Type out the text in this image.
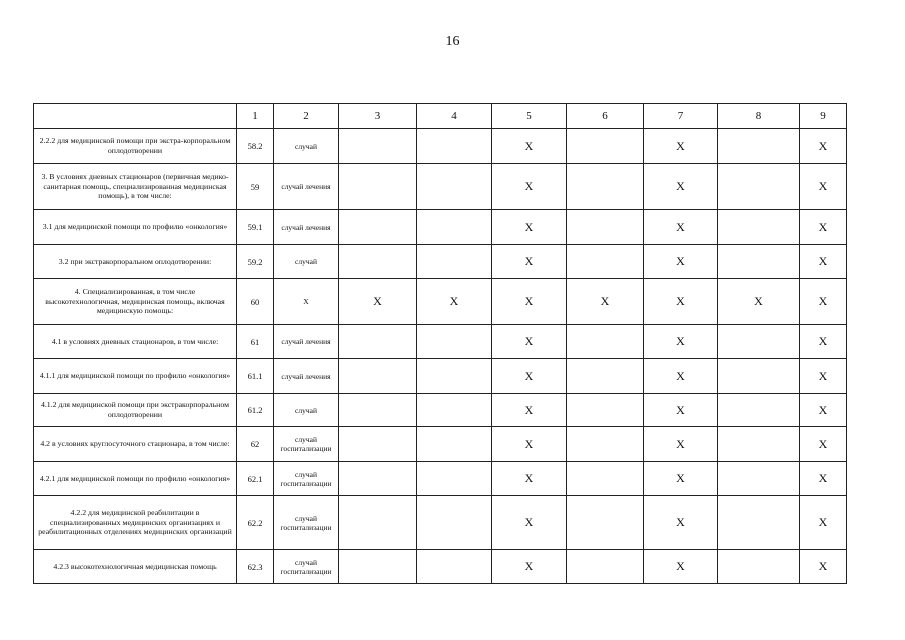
16
	1	2	3	4	5	6	7	8	9
2.2.2 для медицинской помощи при экстра-корпоральном оплодотворении	58.2	случай			X		X		X
3. В условиях дневных стационаров (первичная медико-санитарная помощь, специализированная медицинская помощь), в том числе:	59	случай лечения			X		X		X
3.1 для медицинской помощи по профилю «онкология»	59.1	случай лечения			X		X		X
3.2 при экстракорпоральном оплодотворении:	59.2	случай			X		X		X
4. Специализированная, в том числе высокотехнологичная, медицинская помощь, включая медицинскую помощь:	60	X	X	X	X	X	X	X	X
4.1 в условиях дневных стационаров, в том числе:	61	случай лечения			X		X		X
4.1.1 для медицинской помощи по профилю «онкология»	61.1	случай лечения			X		X		X
4.1.2 для медицинской помощи при экстракорпоральном оплодотворении	61.2	случай			X		X		X
4.2 в условиях круглосуточного стационара, в том числе:	62	случай госпитализации			X		X		X
4.2.1 для медицинской помощи по профилю «онкология»	62.1	случай госпитализации			X		X		X
4.2.2 для медицинской реабилитации в специализированных медицинских организациях и реабилитационных отделениях медицинских организаций	62.2	случай госпитализации			X		X		X
4.2.3 высокотехнологичная медицинская помощь	62.3	случай госпитализации			X		X		X
